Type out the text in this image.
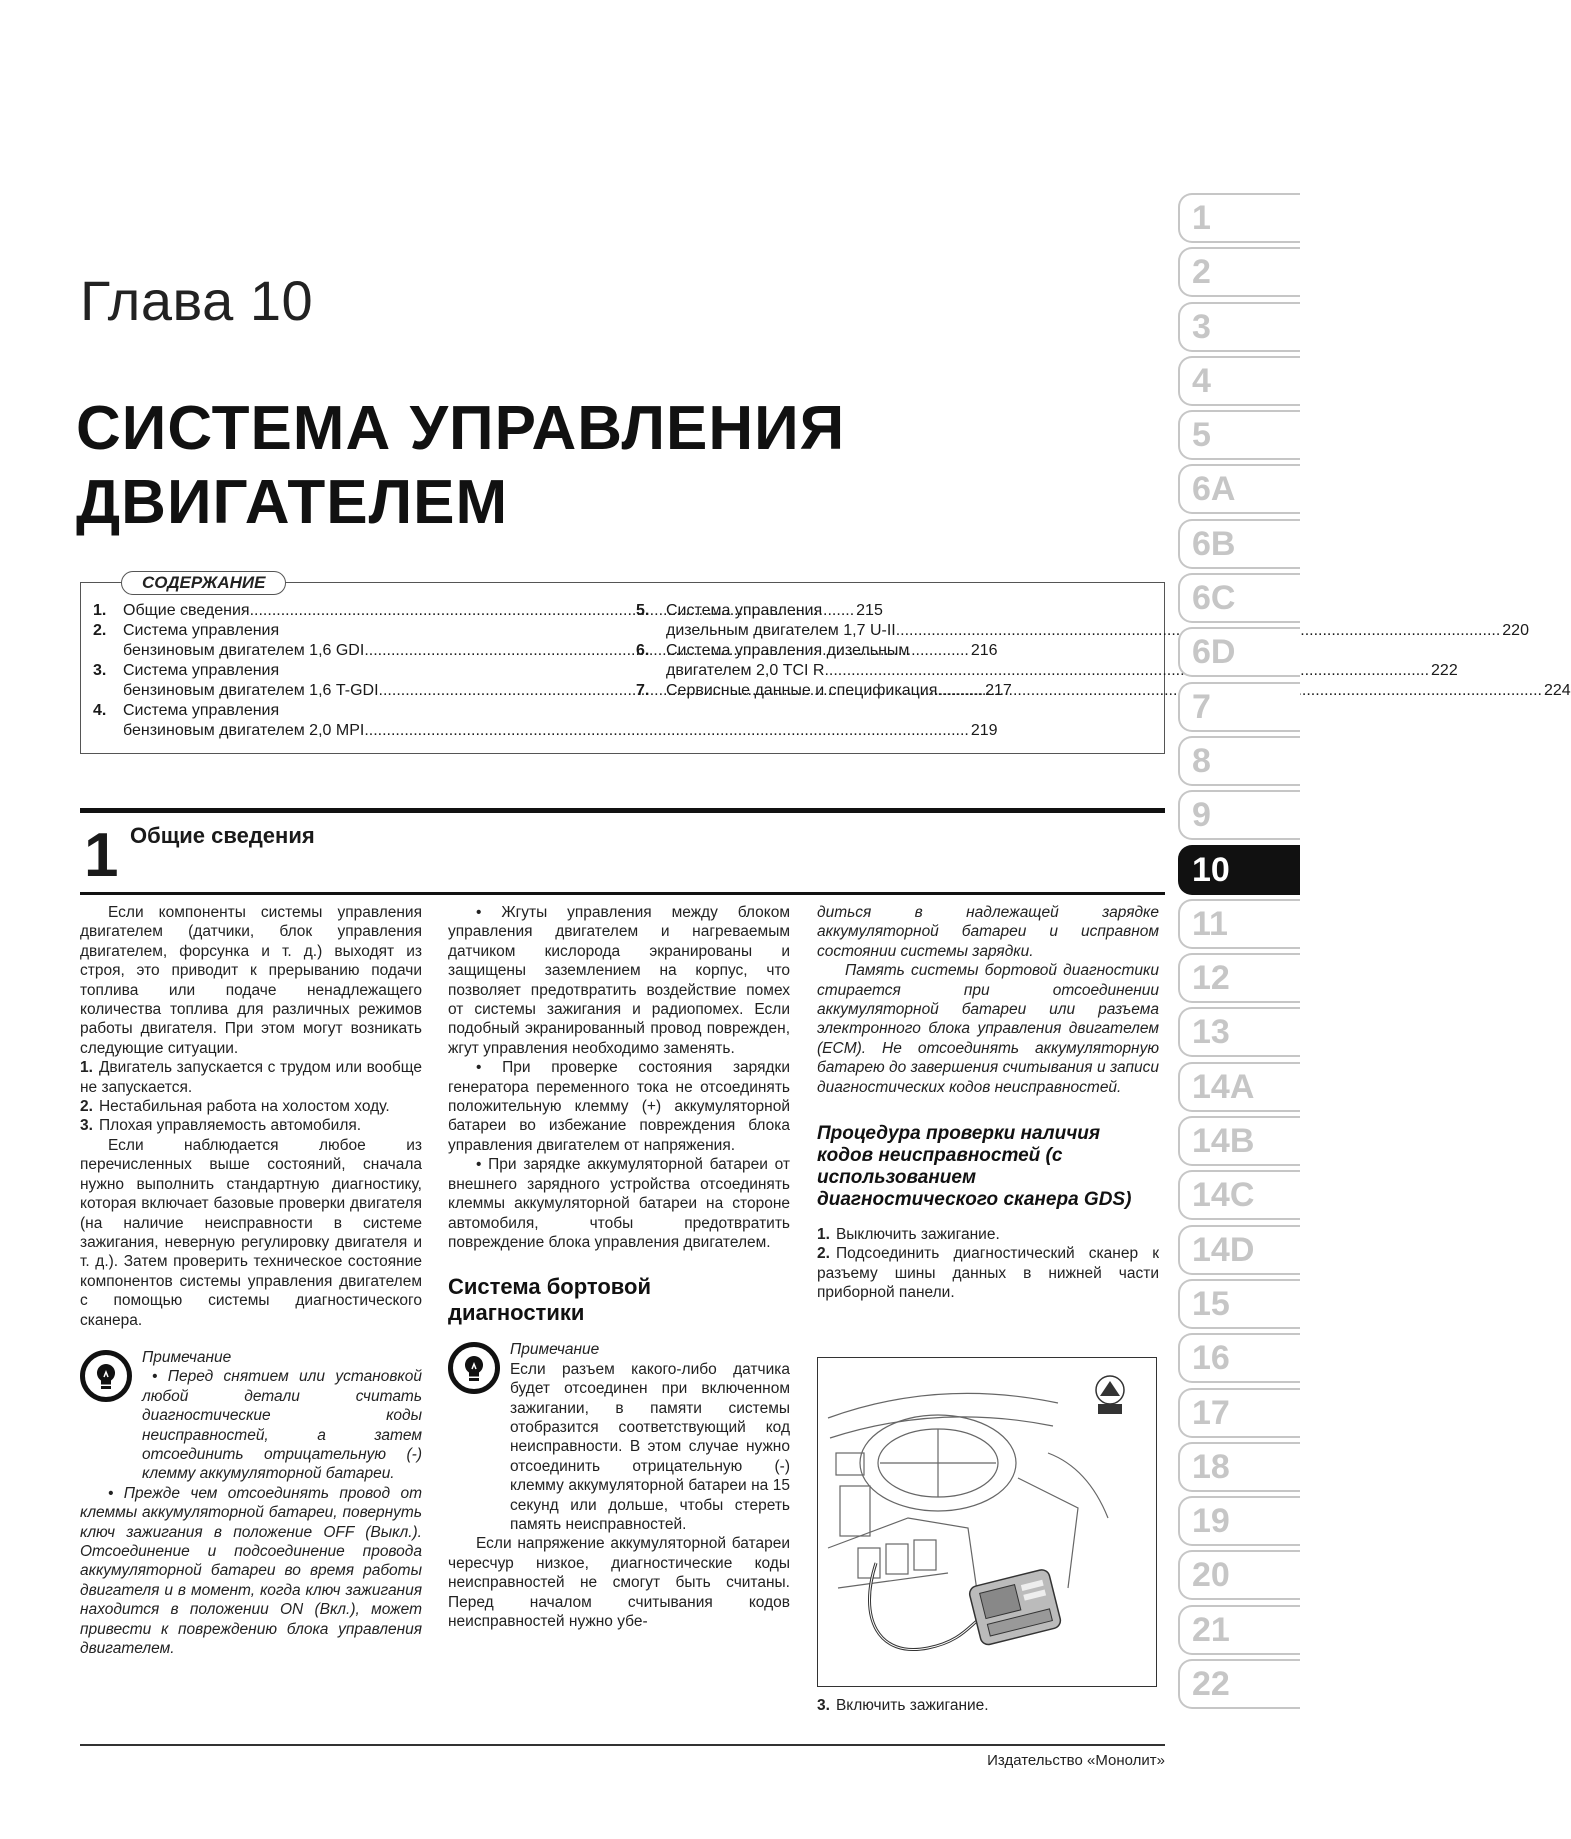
Глава 10
СИСТЕМА УПРАВЛЕНИЯ
ДВИГАТЕЛЕМ
СОДЕРЖАНИЕ
1.	Общие сведения .....	215
2.	Система управления
бензиновым двигателем 1,6 GDI .....	216
3.	Система управления
бензиновым двигателем 1,6 T-GDI .....	217
4.	Система управления
бензиновым двигателем 2,0 MPI .....	219
5.	Система управления
дизельным двигателем 1,7 U-II .....	220
6.	Система управления дизельным
двигателем 2,0 TCI R .....	222
7.	Сервисные данные и спецификация .....	224
1 Общие сведения

Если компоненты системы управления двигателем (датчики, блок управления двигателем, форсунка и т. д.) выходят из строя, это приводит к прерыванию подачи топлива или подаче ненадлежащего количества топлива для различных режимов работы двигателя. При этом могут возникать следующие ситуации.

1. Двигатель запускается с трудом или вообще не запускается.

2. Нестабильная работа на холостом ходу.

3. Плохая управляемость автомобиля.

Если наблюдается любое из перечисленных выше состояний, сначала нужно выполнить стандартную диагностику, которая включает базовые проверки двигателя (на наличие неисправности в системе зажигания, неверную регулировку двигателя и т. д.). Затем проверить техническое состояние компонентов системы управления двигателем с помощью системы диагностического сканера.

Примечание

• Перед снятием или установкой любой детали считать диагностические коды неисправностей, а затем отсоединить отрицательную (-) клемму аккумуляторной батареи.

• Прежде чем отсоединять провод от клеммы аккумуляторной батареи, повернуть ключ зажигания в положение OFF (Выкл.). Отсоединение и подсоединение провода аккумуляторной батареи во время работы двигателя и в момент, когда ключ зажигания находится в положении ON (Вкл.), может привести к повреждению блока управления двигателем.

• Жгуты управления между блоком управления двигателем и нагреваемым датчиком кислорода экранированы и защищены заземлением на корпус, что позволяет предотвратить воздействие помех от системы зажигания и радиопомех. Если подобный экранированный провод поврежден, жгут управления необходимо заменять.

• При проверке состояния зарядки генератора переменного тока не отсоединять положительную клемму (+) аккумуляторной батареи во избежание повреждения блока управления двигателем от напряжения.

• При зарядке аккумуляторной батареи от внешнего зарядного устройства отсоединять клеммы аккумуляторной батареи на стороне автомобиля, чтобы предотвратить повреждение блока управления двигателем.

Система бортовой диагностики

Примечание

Если разъем какого-либо датчика будет отсоединен при включенном зажигании, в памяти системы отобразится соответствующий код неисправности. В этом случае нужно отсоединить отрицательную (-) клемму аккумуляторной батареи на 15 секунд или дольше, чтобы стереть память неисправностей.

Если напряжение аккумуляторной батареи чересчур низкое, диагностические коды неисправностей не смогут быть считаны. Перед началом считывания кодов неисправностей нужно убе-

диться в надлежащей зарядке аккумуляторной батареи и исправном состоянии системы зарядки.

Память системы бортовой диагностики стирается при отсоединении аккумуляторной батареи или разъема электронного блока управления двигателем (ECM). Не отсоединять аккумуляторную батарею до завершения считывания и записи диагностических кодов неисправностей.

Процедура проверки наличия кодов неисправностей (с использованием диагностического сканера GDS)

1. Выключить зажигание.

2. Подсоединить диагностический сканер к разъему шины данных в нижней части приборной панели.

3. Включить зажигание.

1
2
3
4
5
6A
6B
6C
6D
7
8
9
10
11
12
13
14A
14B
14C
14D
15
16
17
18
19
20
21
22
Издательство «Монолит»
